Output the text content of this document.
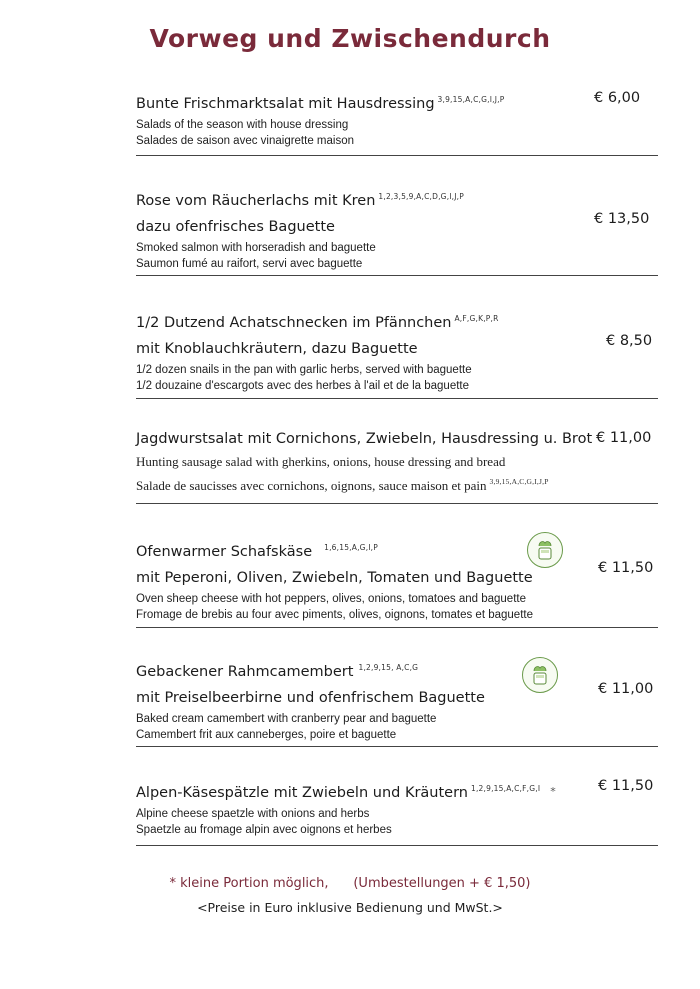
Vorweg und Zwischendurch
Bunte Frischmarktsalat mit Hausdressing $^{3,9,15,A,C,G,I,J,P}$
Salads of the season with house dressing
Salades de saison avec vinaigrette maison
€ 6,00
Rose vom Räucherlachs mit Kren $^{1,2,3,5,9,A,C,D,G,I,J,P}$
dazu ofenfrisches Baguette
Smoked salmon with horseradish and baguette
Saumon fumé au raifort, servi avec baguette
€ 13,50
1/2 Dutzend Achatschnecken im Pfännchen $^{A,F,G,K,P,R}$
mit Knoblauchkräutern, dazu Baguette
1/2 dozen snails in the pan with garlic herbs, served with baguette
1/2 douzaine d'escargots avec des herbes à l'ail et de la baguette
€ 8,50
Jagdwurstsalat mit Cornichons, Zwiebeln, Hausdressing u. Brot
Hunting sausage salad with gherkins, onions, house dressing and bread
Salade de saucisses avec cornichons, oignons, sauce maison et pain $^{3,9,15,A,C,G,I,J,P}$
€ 11,00
Ofenwarmer Schafskäse $^{1,6,15,A,G,I,P}$
mit Peperoni, Oliven, Zwiebeln, Tomaten und Baguette
Oven sheep cheese with hot peppers, olives, onions, tomatoes and baguette
Fromage de brebis au four avec piments, olives, oignons, tomates et baguette
€ 11,50
Gebackener Rahmcamembert $^{1,2,9,15, A,C,G}$
mit Preiselbeerbirne und ofenfrischem Baguette
Baked cream camembert with cranberry pear and baguette
Camembert frit aux canneberges, poire et baguette
€ 11,00
Alpen-Käsespätzle mit Zwiebeln und Kräutern $^{1,2,9,15,A,C,F,G,I}$ *
Alpine cheese spaetzle with onions and herbs
Spaetzle au fromage alpin avec oignons et herbes
€ 11,50
* kleine Portion möglich, (Umbestellungen + € 1,50)
<Preise in Euro inklusive Bedienung und MwSt.>
